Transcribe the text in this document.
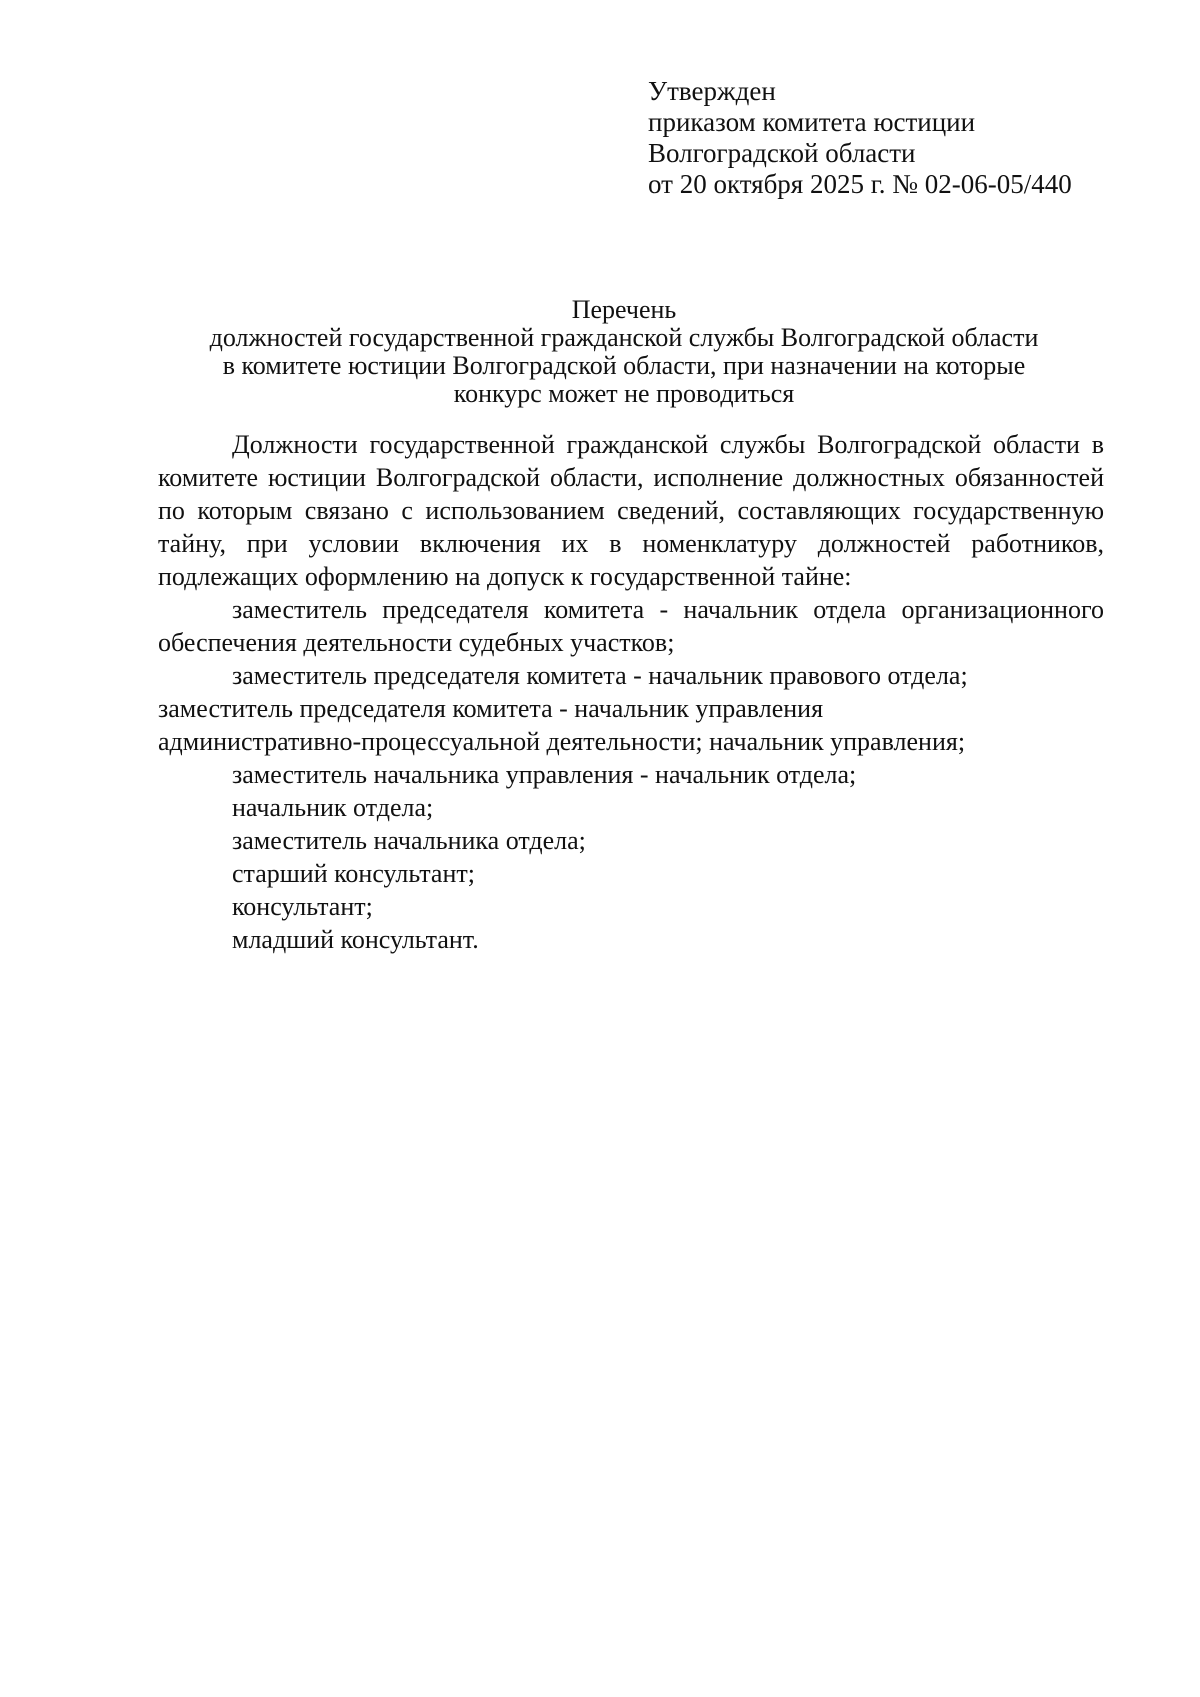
Утвержден
приказом комитета юстиции
Волгоградской области
от 20 октября 2025 г. № 02-06-05/440
Перечень
должностей государственной гражданской службы Волгоградской области
в комитете юстиции Волгоградской области, при назначении на которые
конкурс может не проводиться

Должности государственной гражданской службы Волгоградской области в комитете юстиции Волгоградской области, исполнение должностных обязанностей по которым связано с использованием сведений, составляющих государственную тайну, при условии включения их в номенклатуру должностей работников, подлежащих оформлению на допуск к государственной тайне:

заместитель председателя комитета - начальник отдела организационного обеспечения деятельности судебных участков;

заместитель председателя комитета - начальник правового отдела;

заместитель председателя комитета - начальник управления

административно-процессуальной деятельности; начальник управления;

заместитель начальника управления - начальник отдела;

начальник отдела;

заместитель начальника отдела;

старший консультант;

консультант;

младший консультант.
